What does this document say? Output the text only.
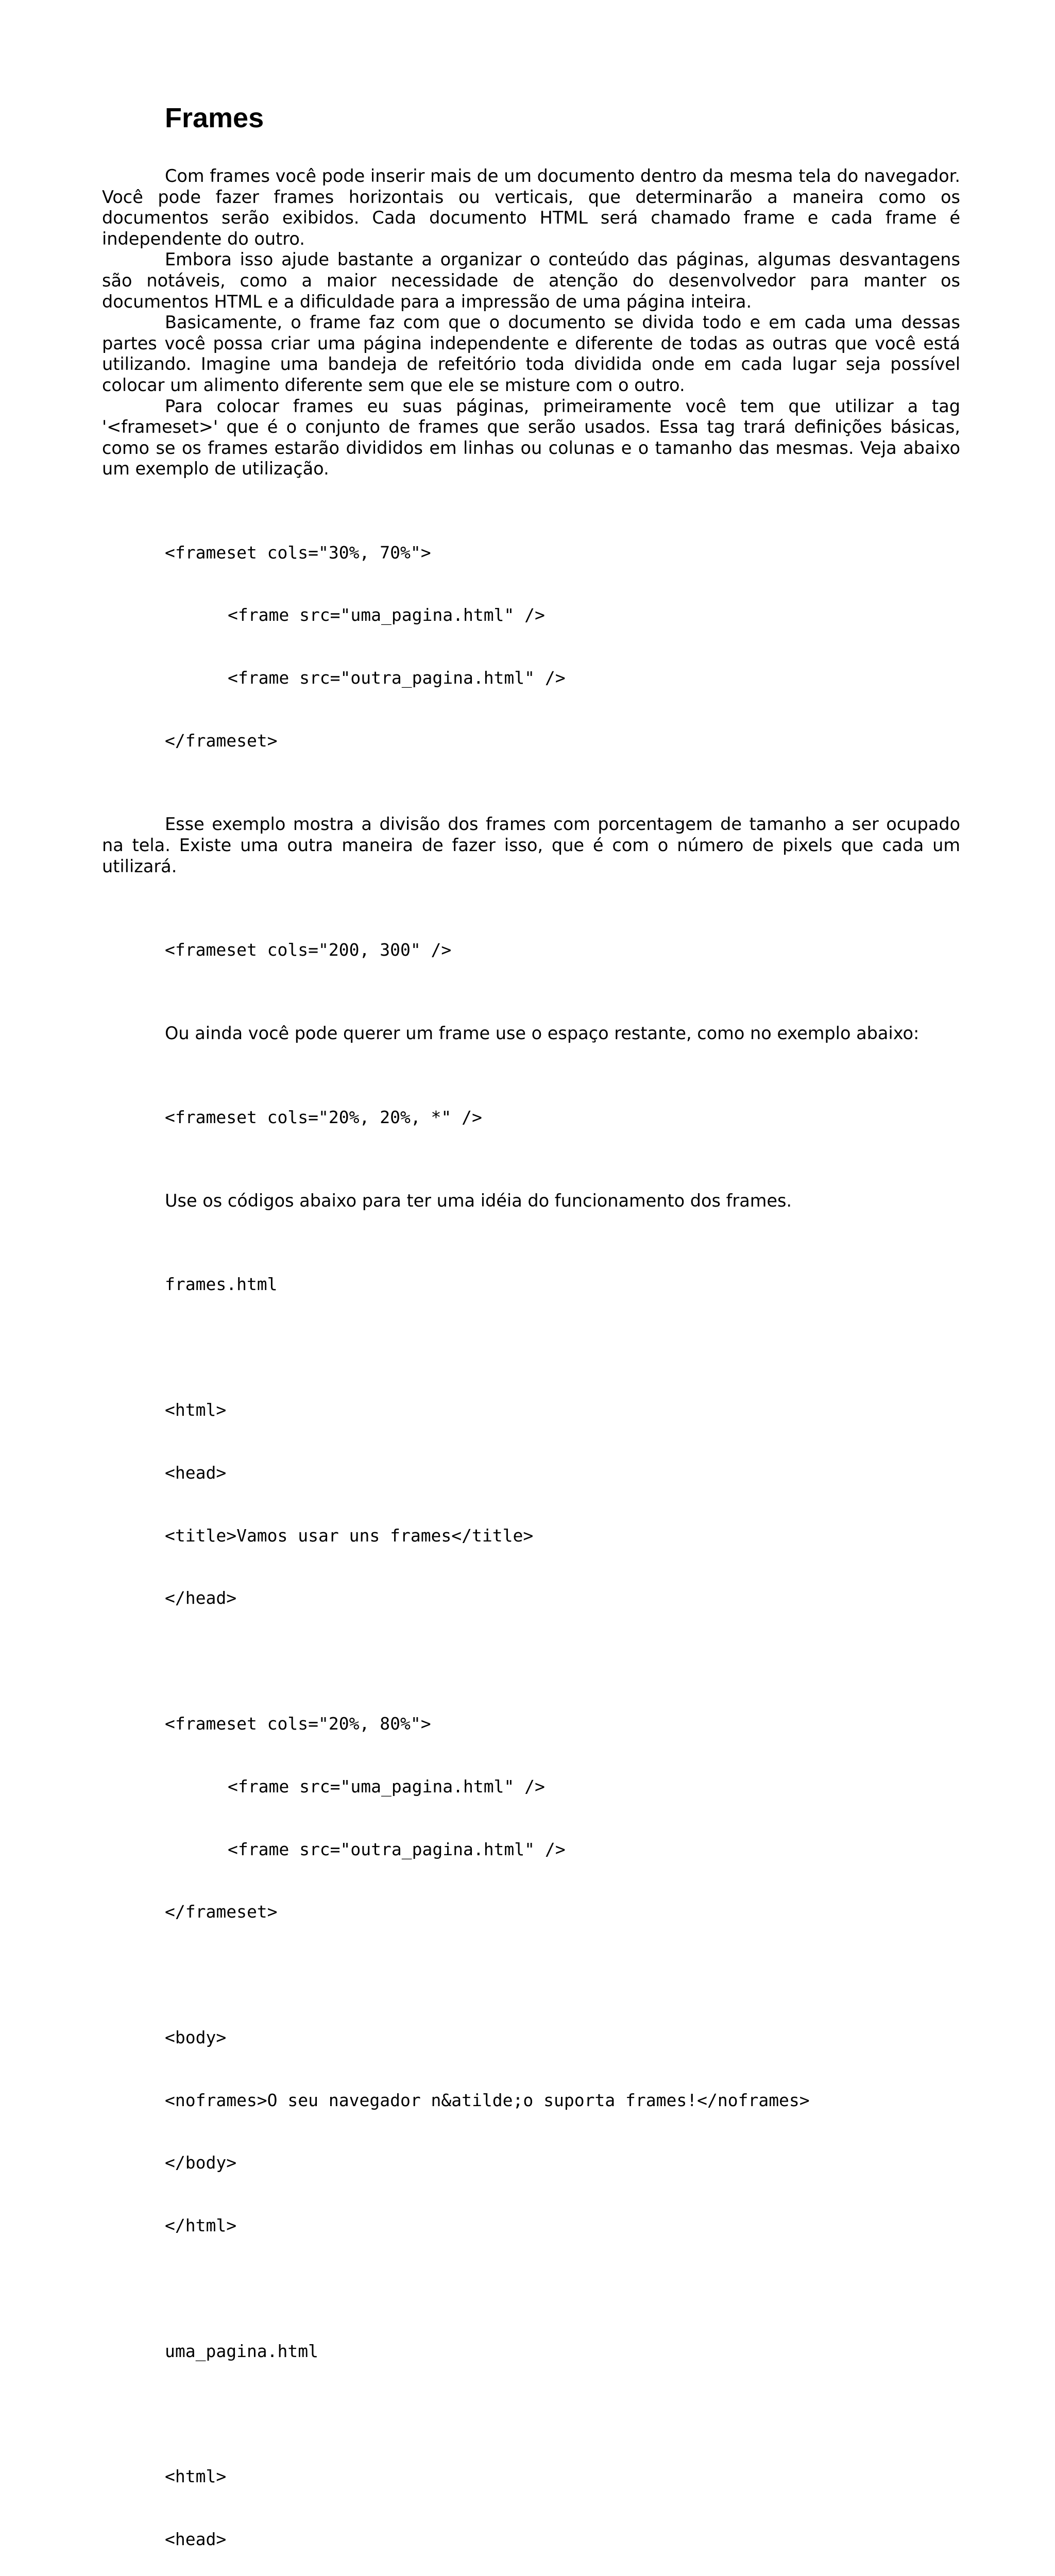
Frames

Com frames você pode inserir mais de um documento dentro da mesma tela do navegador. Você pode fazer frames horizontais ou verticais, que determinarão a maneira como os documentos serão exibidos. Cada documento HTML será chamado frame e cada frame é independente do outro.

Embora isso ajude bastante a organizar o conteúdo das páginas, algumas desvantagens são notáveis, como a maior necessidade de atenção do desenvolvedor para manter os documentos HTML e a dificuldade para a impressão de uma página inteira.

Basicamente, o frame faz com que o documento se divida todo e em cada uma dessas partes você possa criar uma página independente e diferente de todas as outras que você está utilizando. Imagine uma bandeja de refeitório toda dividida onde em cada lugar seja possível colocar um alimento diferente sem que ele se misture com o outro.

Para colocar frames eu suas páginas, primeiramente você tem que utilizar a tag '<frameset>' que é o conjunto de frames que serão usados. Essa tag trará definições básicas, como se os frames estarão divididos em linhas ou colunas e o tamanho das mesmas. Veja abaixo um exemplo de utilização.

<frameset cols="30%, 70%">

<frame src="uma_pagina.html" />

<frame src="outra_pagina.html" />

</frameset>

Esse exemplo mostra a divisão dos frames com porcentagem de tamanho a ser ocupado na tela. Existe uma outra maneira de fazer isso, que é com o número de pixels que cada um utilizará.

<frameset cols="200, 300" />

Ou ainda você pode querer um frame use o espaço restante, como no exemplo abaixo:

<frameset cols="20%, 20%, *" />

Use os códigos abaixo para ter uma idéia do funcionamento dos frames.

frames.html

<html>

<head>

<title>Vamos usar uns frames</title>

</head>

<frameset cols="20%, 80%">

<frame src="uma_pagina.html" />

<frame src="outra_pagina.html" />

</frameset>

<body>

<noframes>O seu navegador n&atilde;o suporta frames!</noframes>

</body>

</html>

uma_pagina.html

<html>

<head>
